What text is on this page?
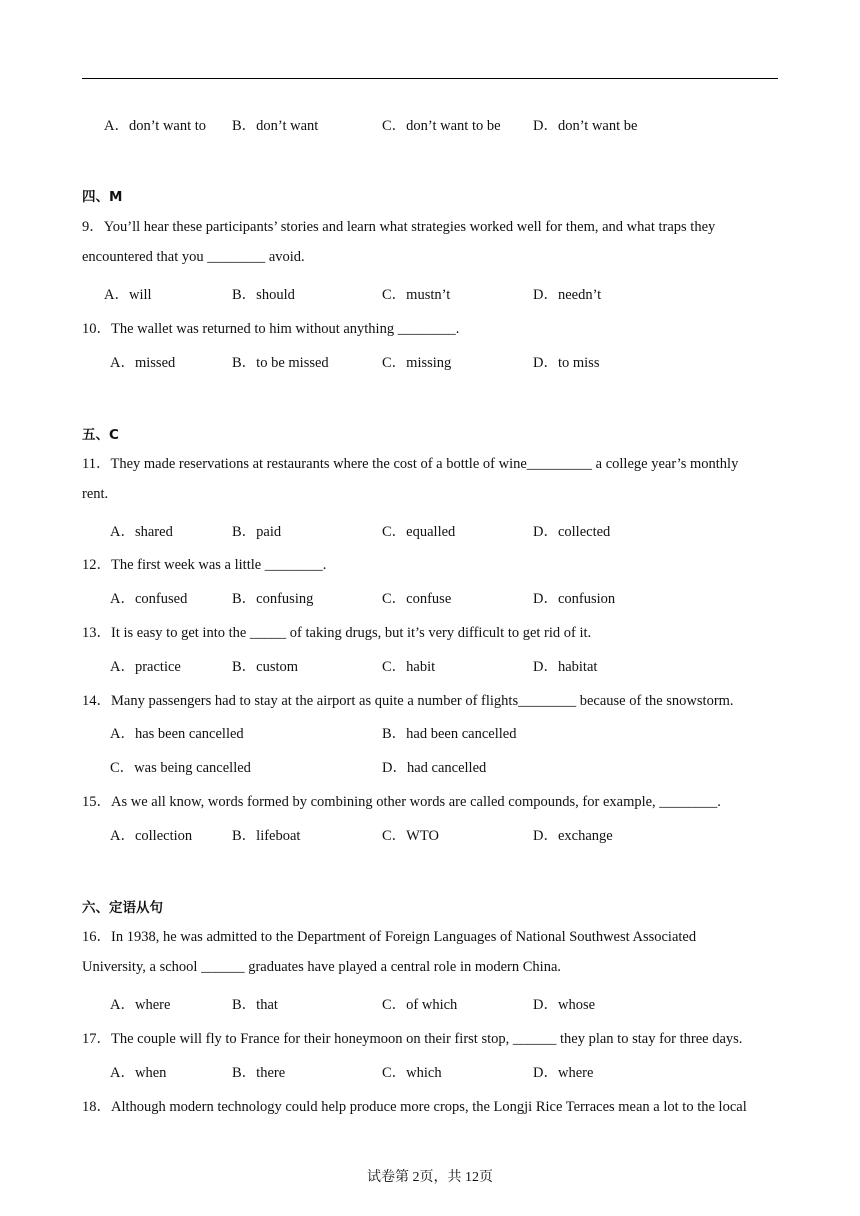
A．don’t want to B．don’t want	C．don’t want to be D．don’t want be
四、M
9．You’ll hear these participants’ stories and learn what strategies worked well for them, and what traps they
encountered that you ________ avoid.
A．will	B．should	C．mustn’t	D．needn’t
10．The wallet was returned to him without anything ________.
A．missed	B．to be missed	C．missing	D．to miss
五、C
11．They made reservations at restaurants where the cost of a bottle of wine_________ a college year’s monthly
rent.
A．shared	B．paid	C．equalled	D．collected
12．The first week was a little ________.
A．confused	B．confusing	C．confuse	D．confusion
13．It is easy to get into the _____ of taking drugs, but it’s very difficult to get rid of it.
A．practice	B．custom	C．habit	D．habitat
14．Many passengers had to stay at the airport as quite a number of flights________ because of the snowstorm.
A．has been cancelled	B．had been cancelled
C．was being cancelled	D．had cancelled
15．As we all know, words formed by combining other words are called compounds, for example, ________.
A．collection	B．lifeboat	C．WTO	D．exchange
六、定语从句
16．In 1938, he was admitted to the Department of Foreign Languages of National Southwest Associated
University, a school ______ graduates have played a central role in modern China.
A．where	B．that	C．of which	D．whose
17．The couple will fly to France for their honeymoon on their first stop, ______ they plan to stay for three days.
A．when	B．there	C．which	D．where
18．Although modern technology could help produce more crops, the Longji Rice Terraces mean a lot to the local
试卷第 2页，共 12页
